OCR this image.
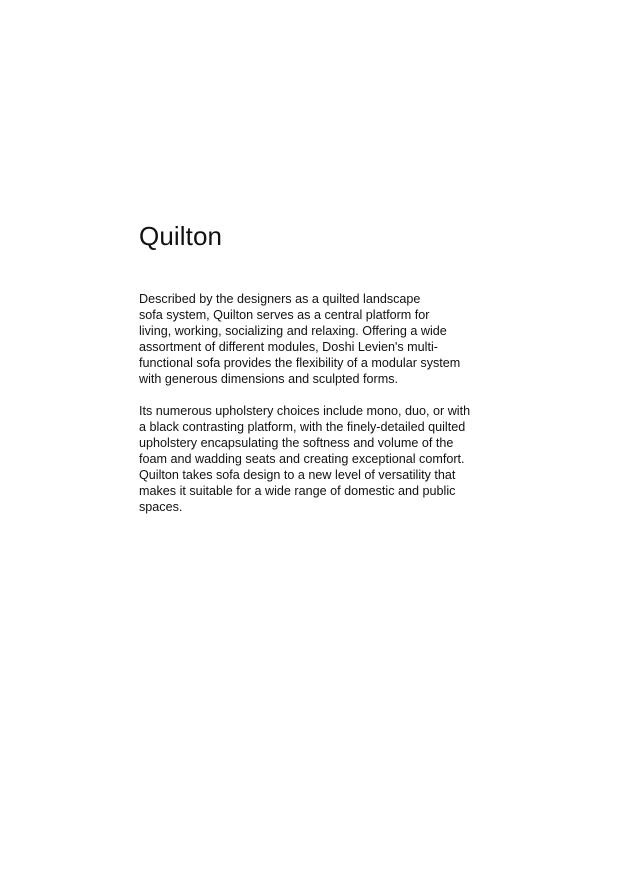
Quilton

Described by the designers as a quilted landscape
sofa system, Quilton serves as a central platform for
living, working, socializing and relaxing. Offering a wide
assortment of different modules, Doshi Levien's multi-
functional sofa provides the flexibility of a modular system
with generous dimensions and sculpted forms.

Its numerous upholstery choices include mono, duo, or with
a black contrasting platform, with the finely-detailed quilted
upholstery encapsulating the softness and volume of the
foam and wadding seats and creating exceptional comfort.
Quilton takes sofa design to a new level of versatility that
makes it suitable for a wide range of domestic and public
spaces.
